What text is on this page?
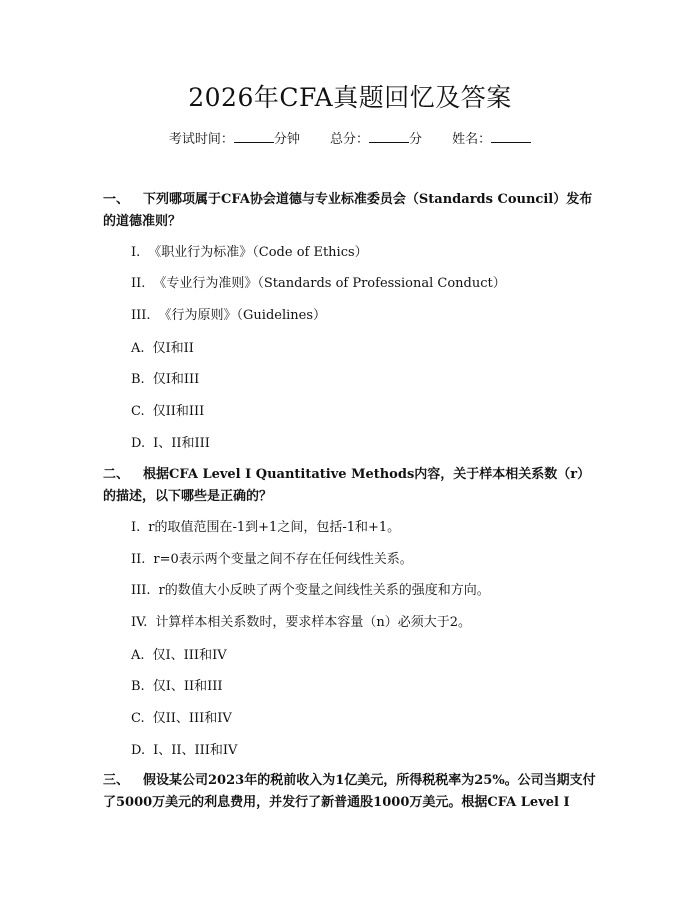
2026年CFA真题回忆及答案
考试时间：	分钟 总分：	分 姓名：
一、 下列哪项属于CFA协会道德与专业标准委员会（Standards Council）发布的道德准则？
I. 《职业行为标准》（Code of Ethics）
II. 《专业行为准则》（Standards of Professional Conduct）
III. 《行为原则》（Guidelines）
A. 仅I和II
B. 仅I和III
C. 仅II和III
D. I、II和III
二、 根据CFA Level I Quantitative Methods内容，关于样本相关系数（r）的描述，以下哪些是正确的？
I. r的取值范围在-1到+1之间，包括-1和+1。
II. r=0表示两个变量之间不存在任何线性关系。
III. r的数值大小反映了两个变量之间线性关系的强度和方向。
IV. 计算样本相关系数时，要求样本容量（n）必须大于2。
A. 仅I、III和IV
B. 仅I、II和III
C. 仅II、III和IV
D. I、II、III和IV
三、 假设某公司2023年的税前收入为1亿美元，所得税税率为25%。公司当期支付了5000万美元的利息费用，并发行了新普通股1000万美元。根据CFA Level I
